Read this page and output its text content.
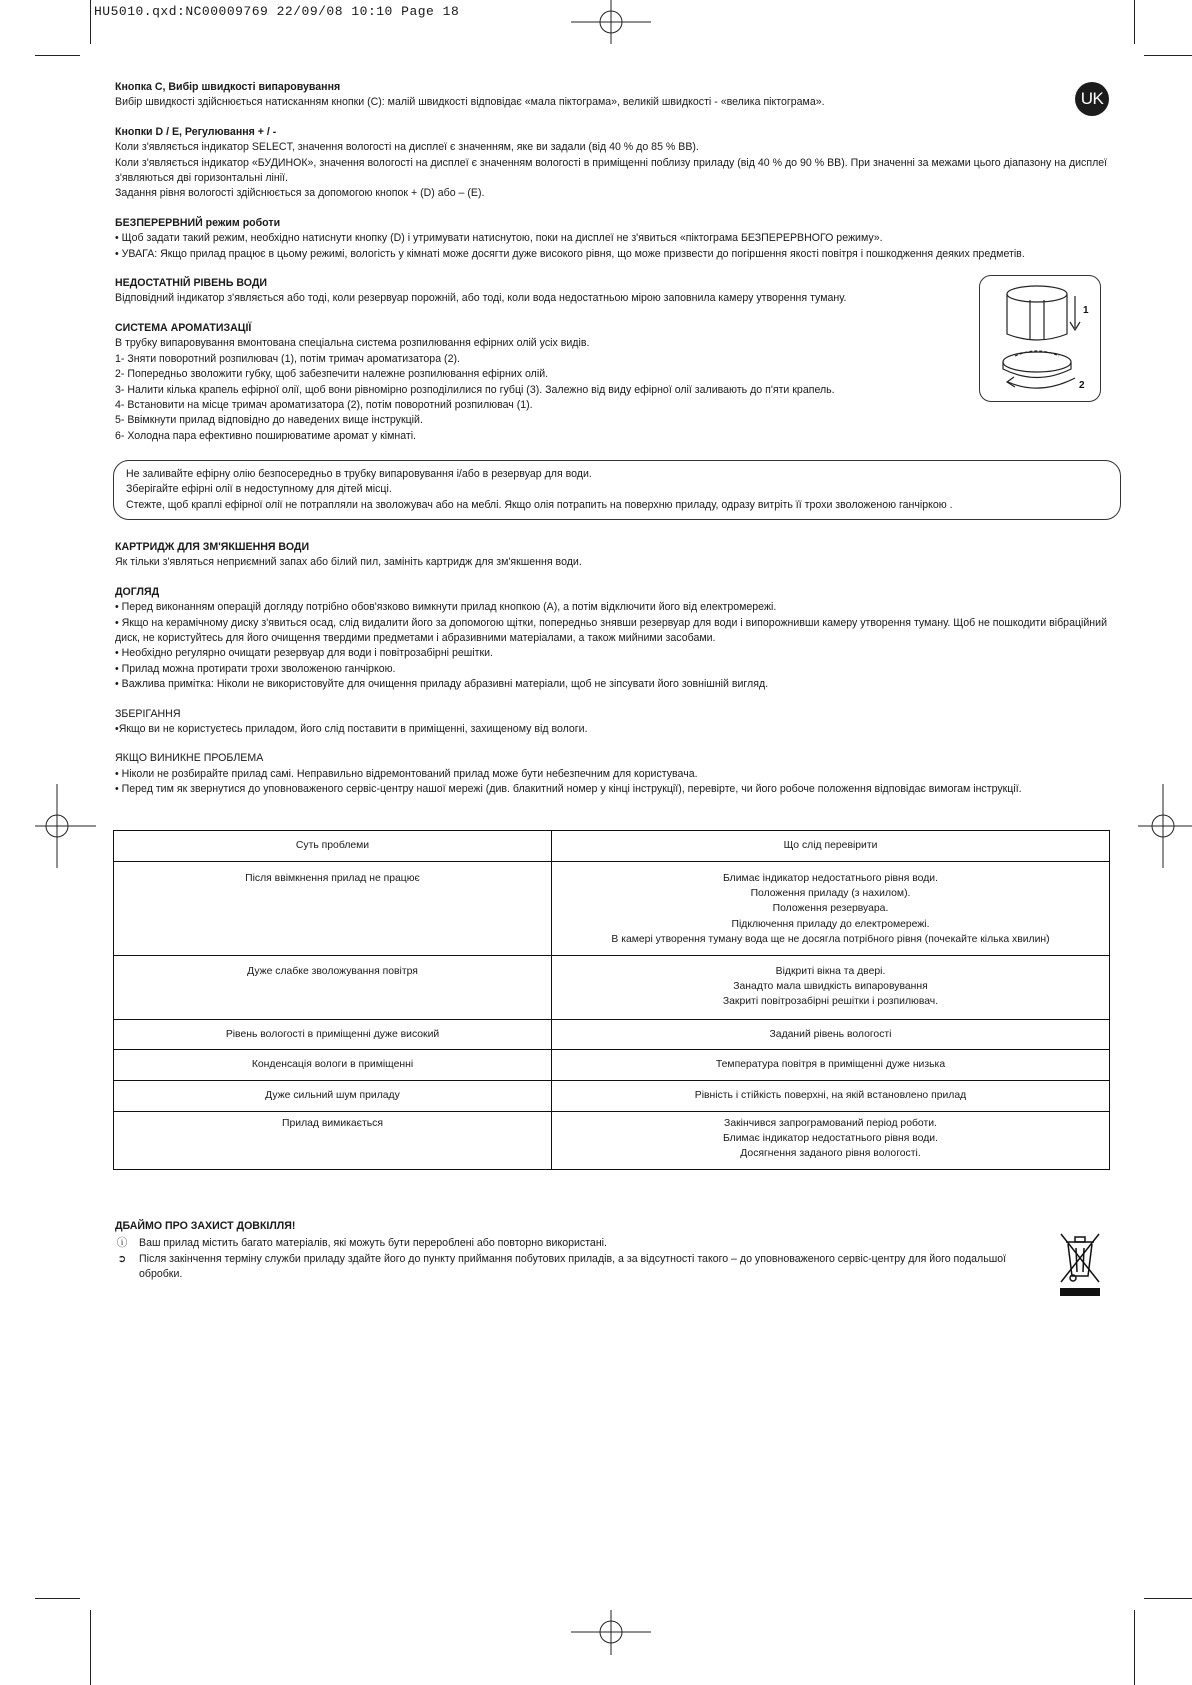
HU5010.qxd:NC00009769 22/09/08 10:10 Page 18
UK

Кнопка С, Вибір швидкості випаровування

Вибір швидкості здійснюється натисканням кнопки (С): малій швидкості відповідає «мала піктограма», великій швидкості - «велика піктограма».

Кнопки D / E, Регулювання + / -

Коли з'являється індикатор SELECT, значення вологості на дисплеї є значенням, яке ви задали (від 40 % до 85 % ВВ).

Коли з'являється індикатор «БУДИНОК», значення вологості на дисплеї є значенням вологості в приміщенні поблизу приладу (від 40 % до 90 % ВВ). При значенні за межами цього діапазону на дисплеї з'являються дві горизонтальні лінії.

Задання рівня вологості здійснюється за допомогою кнопок + (D) або – (E).

БЕЗПЕРЕРВНИЙ режим роботи

• Щоб задати такий режим, необхідно натиснути кнопку (D) і утримувати натиснутою, поки на дисплеї не з'явиться «піктограма БЕЗПЕРЕРВНОГО режиму».

• УВАГА: Якщо прилад працює в цьому режимі, вологість у кімнаті може досягти дуже високого рівня, що може призвести до погіршення якості повітря і пошкодження деяких предметів.

НЕДОСТАТНІЙ РІВЕНЬ ВОДИ

Відповідний індикатор з'являється або тоді, коли резервуар порожній, або тоді, коли вода недостатньою мірою заповнила камеру утворення туману.

СИСТЕМА АРОМАТИЗАЦІЇ

В трубку випаровування вмонтована спеціальна система розпилювання ефірних олій усіх видів.

1- Зняти поворотний розпилювач (1), потім тримач ароматизатора (2).

2- Попередньо зволожити губку, щоб забезпечити належне розпилювання ефірних олій.

3- Налити кілька крапель ефірної олії, щоб вони рівномірно розподілилися по губці (3). Залежно від виду ефірної олії заливають до п'яти крапель.

4- Встановити на місце тримач ароматизатора (2), потім поворотний розпилювач (1).

5- Ввімкнути прилад відповідно до наведених вище інструкцій.

6- Холодна пара ефективно поширюватиме аромат у кімнаті.

1
2

Не заливайте ефірну олію безпосередньо в трубку випаровування і/або в резервуар для води.

Зберігайте ефірні олії в недоступному для дітей місці.

Стежте, щоб краплі ефірної олії не потрапляли на зволожувач або на меблі. Якщо олія потрапить на поверхню приладу, одразу витріть її трохи зволоженою ганчіркою .

КАРТРИДЖ ДЛЯ ЗМ'ЯКШЕННЯ ВОДИ

Як тільки з'являться неприємний запах або білий пил, замініть картридж для зм'якшення води.

ДОГЛЯД

• Перед виконанням операцій догляду потрібно обов'язково вимкнути прилад кнопкою (A), а потім відключити його від електромережі.

• Якщо на керамічному диску з'явиться осад, слід видалити його за допомогою щітки, попередньо знявши резервуар для води і випорожнивши камеру утворення туману. Щоб не пошкодити вібраційний диск, не користуйтесь для його очищення твердими предметами і абразивними матеріалами, а також мийними засобами.

• Необхідно регулярно очищати резервуар для води і повітрозабірні решітки.

• Прилад можна протирати трохи зволоженою ганчіркою.

• Важлива примітка: Ніколи не використовуйте для очищення приладу абразивні матеріали, щоб не зіпсувати його зовнішній вигляд.

ЗБЕРІГАННЯ

•Якщо ви не користуєтесь приладом, його слід поставити в приміщенні, захищеному від вологи.

ЯКЩО ВИНИКНЕ ПРОБЛЕМА

• Ніколи не розбирайте прилад самі. Неправильно відремонтований прилад може бути небезпечним для користувача.

• Перед тим як звернутися до уповноваженого сервіс-центру нашої мережі (див. блакитний номер у кінці інструкції), перевірте, чи його робоче положення відповідає вимогам інструкції.

Суть проблеми	Що слід перевірити
Після ввімкнення прилад не працює	Блимає індикатор недостатнього рівня води.
Положення приладу (з нахилом).
Положення резервуара.
Підключення приладу до електромережі.
В камері утворення туману вода ще не досягла потрібного рівня (почекайте кілька хвилин)

Дуже слабке зволожування повітря	Відкриті вікна та двері.
Занадто мала швидкість випаровування
Закриті повітрозабірні решітки і розпилювач.

Рівень вологості в приміщенні дуже високий	Заданий рівень вологості

Конденсація вологи в приміщенні	Температура повітря в приміщенні дуже низька

Дуже сильний шум приладу	Рівність і стійкість поверхні, на якій встановлено прилад

Прилад вимикається	Закінчився запрограмований період роботи.
Блимає індикатор недостатнього рівня води.
Досягнення заданого рівня вологості.

ДБАЙМО ПРО ЗАХИСТ ДОВКІЛЛЯ!

ⓘ Ваш прилад містить багато матеріалів, які можуть бути перероблені або повторно використані.
➲ Після закінчення терміну служби приладу здайте його до пункту приймання побутових приладів, а за відсутності такого – до уповноваженого сервіс-центру для його подальшої обробки.
